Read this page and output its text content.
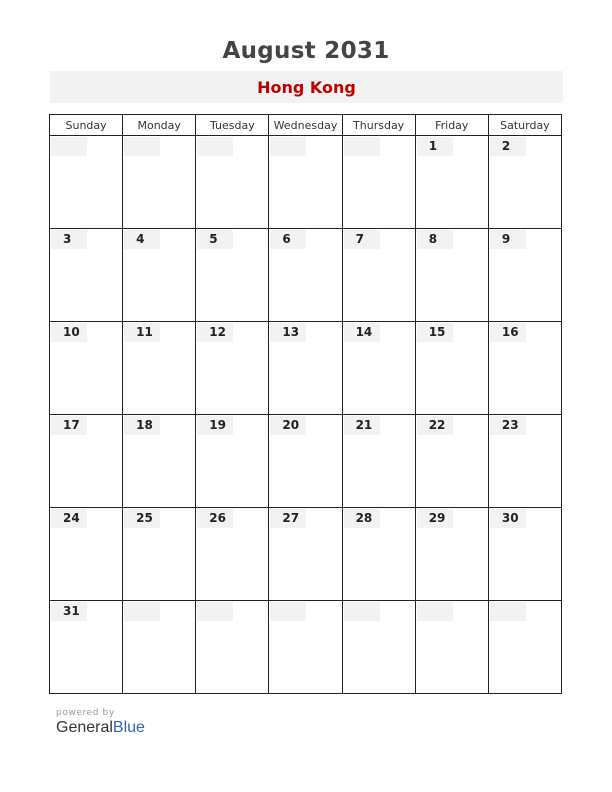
August 2031
Hong Kong
Sunday	Monday	Tuesday	Wednesday	Thursday	Friday	Saturday

					1	2

3	4	5	6	7	8	9

10	11	12	13	14	15	16

17	18	19	20	21	22	23

24	25	26	27	28	29	30

31						

powered by
GeneralBlue
